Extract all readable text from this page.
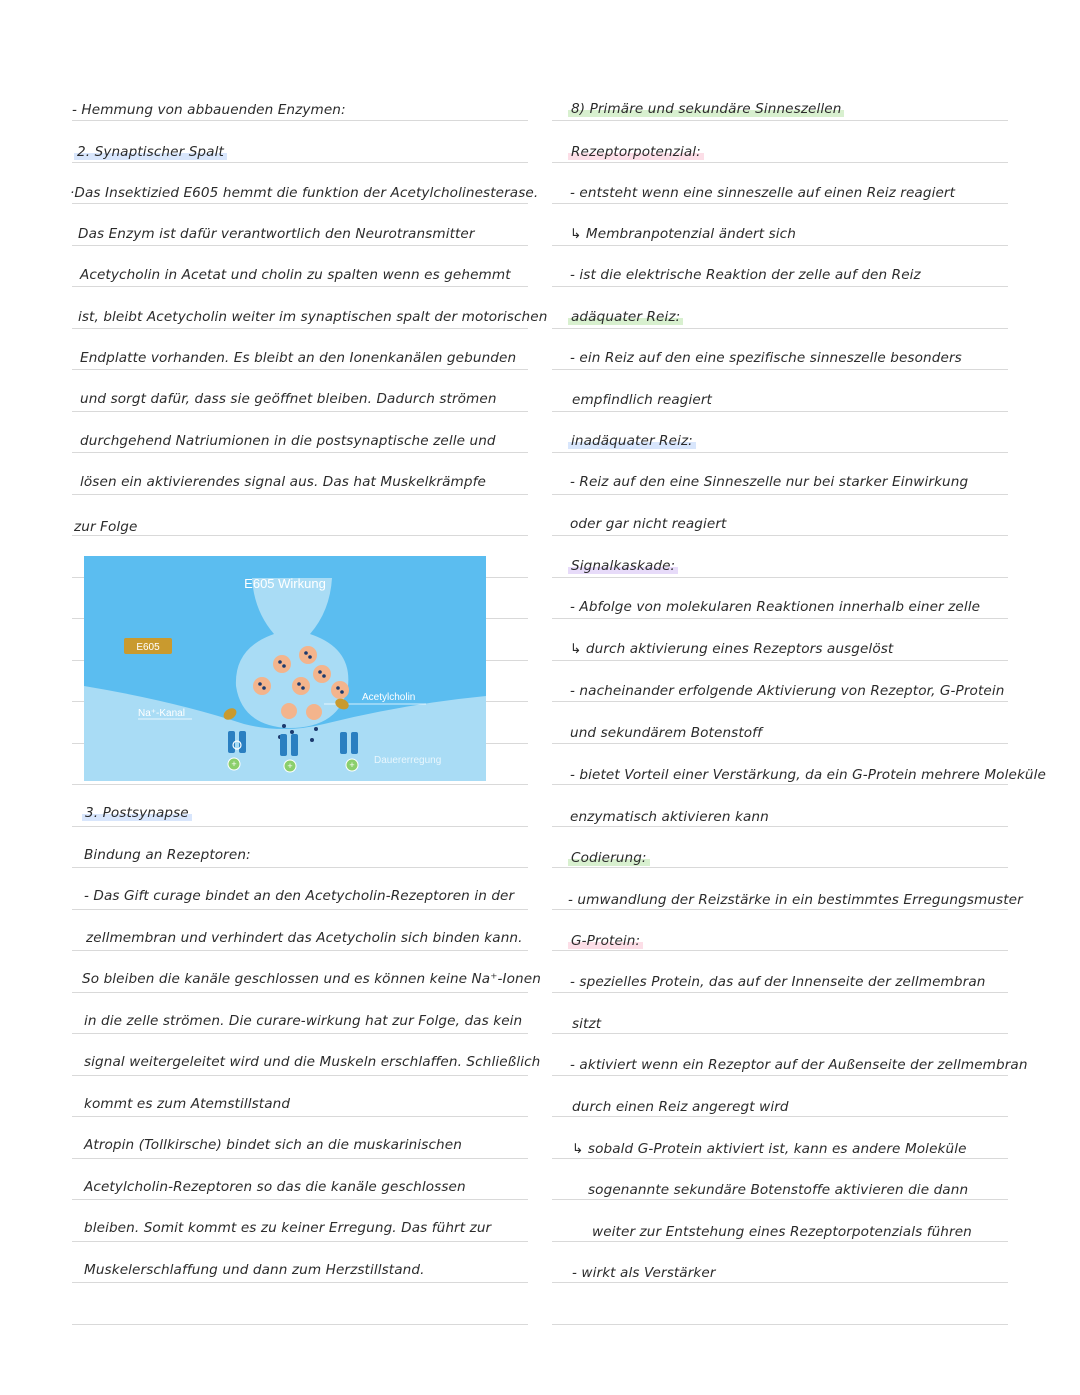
- Hemmung von abbauenden Enzymen:
2. Synaptischer Spalt
·Das Insektizied E605 hemmt die funktion der Acetylcholinesterase.
Das Enzym ist dafür verantwortlich den Neurotransmitter
Acetycholin in Acetat und cholin zu spalten wenn es gehemmt
ist, bleibt Acetycholin weiter im synaptischen spalt der motorischen
Endplatte vorhanden. Es bleibt an den Ionenkanälen gebunden
und sorgt dafür, dass sie geöffnet bleiben. Dadurch strömen
durchgehend Natriumionen in die postsynaptische zelle und
lösen ein aktivierendes signal aus. Das hat Muskelkrämpfe
zur Folge
E605
E605 Wirkung
Na⁺-Kanal
Acetylcholin
Dauererregung
+	+	+
3. Postsynapse
Bindung an Rezeptoren:
- Das Gift curage bindet an den Acetycholin-Rezeptoren in der
zellmembran und verhindert das Acetycholin sich binden kann.
So bleiben die kanäle geschlossen und es können keine Na⁺-Ionen
in die zelle strömen. Die curare-wirkung hat zur Folge, das kein
signal weitergeleitet wird und die Muskeln erschlaffen. Schließlich
kommt es zum Atemstillstand
Atropin (Tollkirsche) bindet sich an die muskarinischen
Acetylcholin-Rezeptoren so das die kanäle geschlossen
bleiben. Somit kommt es zu keiner Erregung. Das führt zur
Muskelerschlaffung und dann zum Herzstillstand.
8) Primäre und sekundäre Sinneszellen
Rezeptorpotenzial:
- entsteht wenn eine sinneszelle auf einen Reiz reagiert
↳ Membranpotenzial ändert sich
- ist die elektrische Reaktion der zelle auf den Reiz
adäquater Reiz:
- ein Reiz auf den eine spezifische sinneszelle besonders
empfindlich reagiert
inadäquater Reiz:
- Reiz auf den eine Sinneszelle nur bei starker Einwirkung
oder gar nicht reagiert
Signalkaskade:
- Abfolge von molekularen Reaktionen innerhalb einer zelle
↳ durch aktivierung eines Rezeptors ausgelöst
- nacheinander erfolgende Aktivierung von Rezeptor, G-Protein
und sekundärem Botenstoff
- bietet Vorteil einer Verstärkung, da ein G-Protein mehrere Moleküle
enzymatisch aktivieren kann
Codierung:
- umwandlung der Reizstärke in ein bestimmtes Erregungsmuster
G-Protein:
- spezielles Protein, das auf der Innenseite der zellmembran
sitzt
- aktiviert wenn ein Rezeptor auf der Außenseite der zellmembran
durch einen Reiz angeregt wird
↳ sobald G-Protein aktiviert ist, kann es andere Moleküle
sogenannte sekundäre Botenstoffe aktivieren die dann
weiter zur Entstehung eines Rezeptorpotenzials führen
- wirkt als Verstärker
